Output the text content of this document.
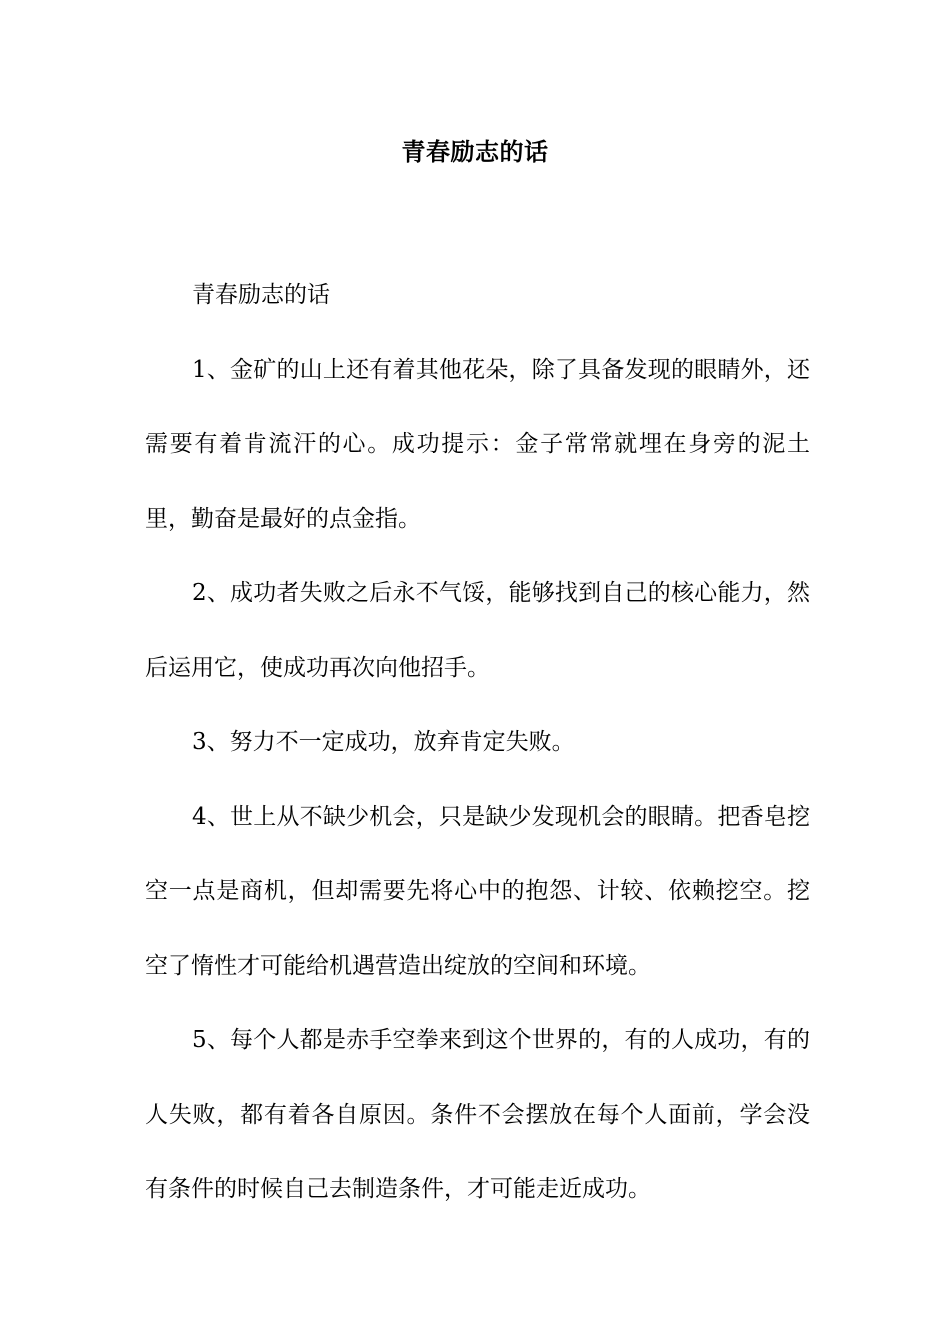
青春励志的话

青春励志的话

1、金矿的山上还有着其他花朵，除了具备发现的眼睛外，还需要有着肯流汗的心。成功提示：金子常常就埋在身旁的泥土里，勤奋是最好的点金指。

2、成功者失败之后永不气馁，能够找到自己的核心能力，然后运用它，使成功再次向他招手。

3、努力不一定成功，放弃肯定失败。

4、世上从不缺少机会，只是缺少发现机会的眼睛。把香皂挖空一点是商机，但却需要先将心中的抱怨、计较、依赖挖空。挖空了惰性才可能给机遇营造出绽放的空间和环境。

5、每个人都是赤手空拳来到这个世界的，有的人成功，有的人失败，都有着各自原因。条件不会摆放在每个人面前，学会没有条件的时候自己去制造条件，才可能走近成功。
